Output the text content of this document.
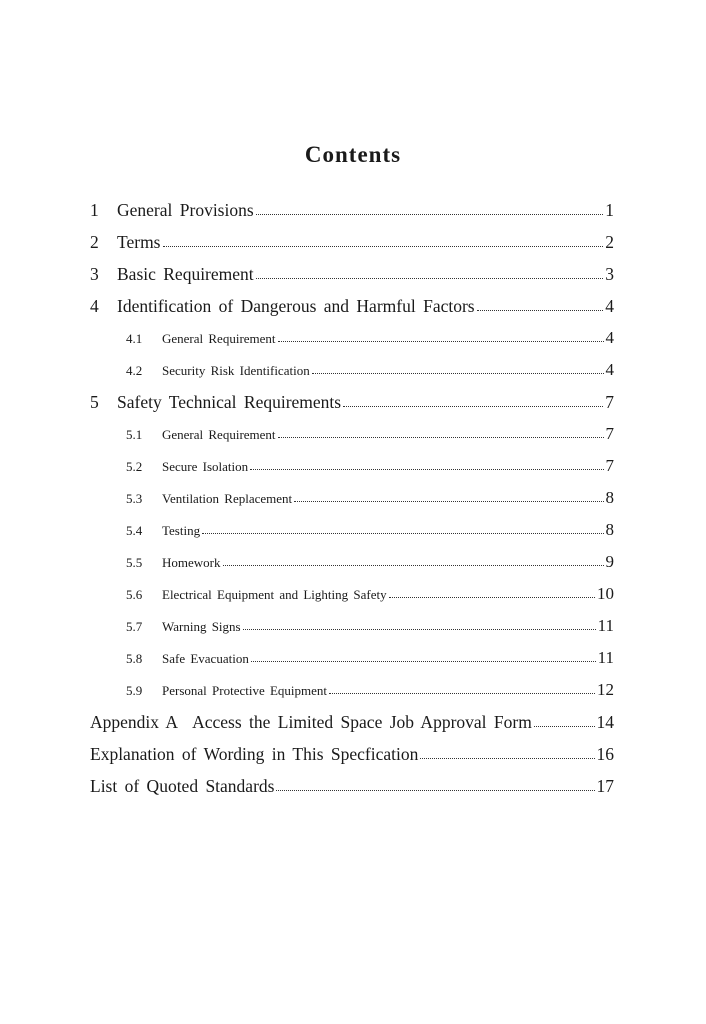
Contents
1	General Provisions	1
2	Terms	2
3	Basic Requirement	3
4	Identification of Dangerous and Harmful Factors	4
4.1	General Requirement	4
4.2	Security Risk Identification	4
5	Safety Technical Requirements	7
5.1	General Requirement	7
5.2	Secure Isolation	7
5.3	Ventilation Replacement	8
5.4	Testing	8
5.5	Homework	9
5.6	Electrical Equipment and Lighting Safety	10
5.7	Warning Signs	11
5.8	Safe Evacuation	11
5.9	Personal Protective Equipment	12
Appendix A Access the Limited Space Job Approval Form	14
Explanation of Wording in This Specfication	16
List of Quoted Standards	17
